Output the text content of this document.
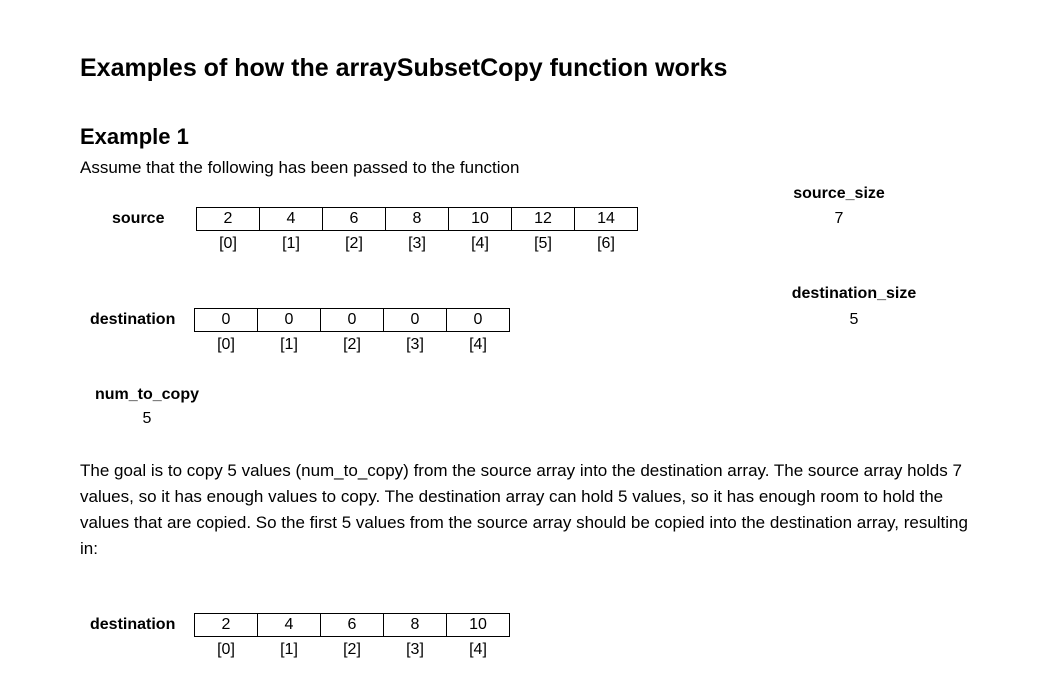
Examples of how the arraySubsetCopy function works
Example 1
Assume that the following has been passed to the function
source	2	4	6	8	10	12	14
[0]	[1]	[2]	[3]	[4]	[5]	[6]
source_size
7
destination	0	0	0	0	0
[0]	[1]	[2]	[3]	[4]
destination_size
5
num_to_copy
5
The goal is to copy 5 values (num_to_copy) from the source array into the destination array. The source array holds 7 values, so it has enough values to copy. The destination array can hold 5 values, so it has enough room to hold the values that are copied. So the first 5 values from the source array should be copied into the destination array, resulting in:
destination	2	4	6	8	10
[0]	[1]	[2]	[3]	[4]
